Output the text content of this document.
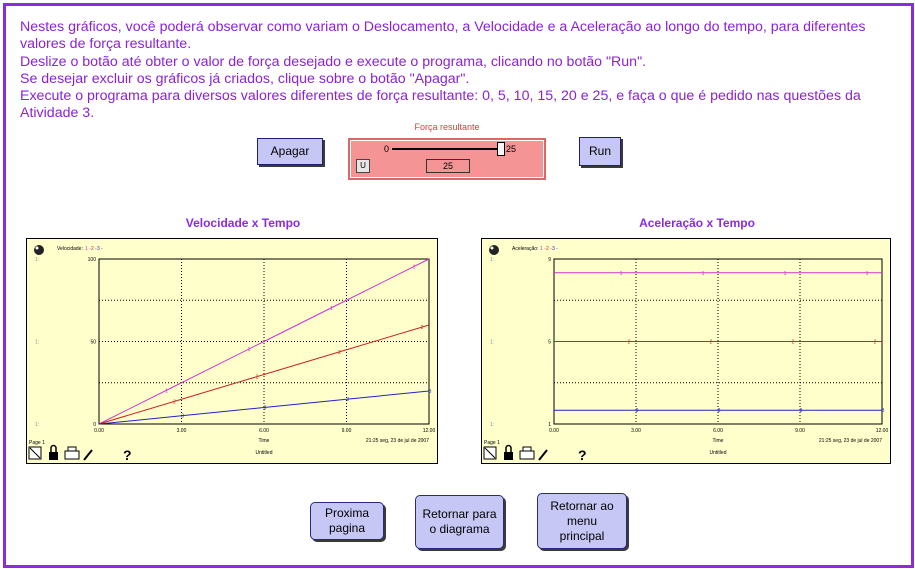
Nestes gráficos, você poderá observar como variam o Deslocamento, a Velocidade e a Aceleração ao longo do tempo, para diferentes valores de força resultante.

Deslize o botão até obter o valor de força desejado e execute o programa, clicando no botão "Run".

Se desejar excluir os gráficos já criados, clique sobre o botão "Apagar".

Execute o programa para diversos valores diferentes de força resultante: 0, 5, 10, 15, 20 e 25, e faça o que é pedido nas questões da Atividade 3.

Apagar
Força resultante
0	25
U	25
Run
Velocidade x Tempo
100
1:
50
1:
0
1:
0.00	3.00	6.00	9.00	12.00
Time
Untitled
21:25 seg, 23 de jul de 2007
Velocidade: 1 - 2 - 3 -
1
1
1
1
2
2
2
2
3
3
3
3
Page 1
?
Aceleração x Tempo
9
1:
5
1:
1
1:
0.00	3.00	6.00	9.00	12.00
Time
Untitled
21:25 seg, 23 de jul de 2007
Aceleração: 1 - 2 - 3 -
1	1	1	1
2	2	2	2
3	3	3	3
Page 1
?
Proxima
pagina
Retornar para
o diagrama
Retornar ao
menu
principal
